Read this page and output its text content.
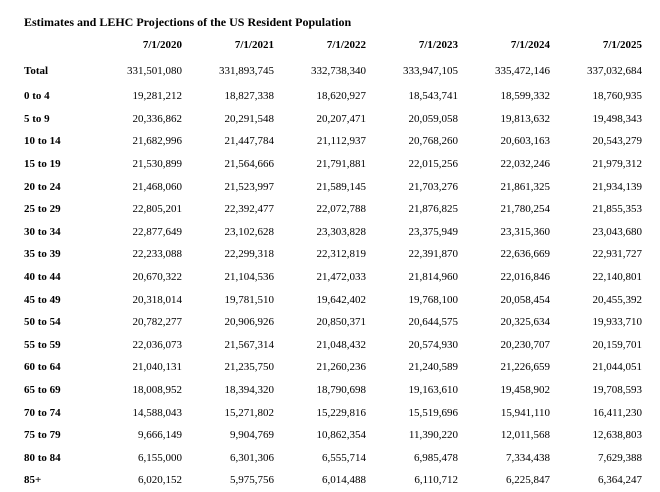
Estimates and LEHC Projections of the US Resident Population
	7/1/2020	7/1/2021	7/1/2022	7/1/2023	7/1/2024	7/1/2025
Total	331,501,080	331,893,745	332,738,340	333,947,105	335,472,146	337,032,684
0 to 4	19,281,212	18,827,338	18,620,927	18,543,741	18,599,332	18,760,935
5 to 9	20,336,862	20,291,548	20,207,471	20,059,058	19,813,632	19,498,343
10 to 14	21,682,996	21,447,784	21,112,937	20,768,260	20,603,163	20,543,279
15 to 19	21,530,899	21,564,666	21,791,881	22,015,256	22,032,246	21,979,312
20 to 24	21,468,060	21,523,997	21,589,145	21,703,276	21,861,325	21,934,139
25 to 29	22,805,201	22,392,477	22,072,788	21,876,825	21,780,254	21,855,353
30 to 34	22,877,649	23,102,628	23,303,828	23,375,949	23,315,360	23,043,680
35 to 39	22,233,088	22,299,318	22,312,819	22,391,870	22,636,669	22,931,727
40 to 44	20,670,322	21,104,536	21,472,033	21,814,960	22,016,846	22,140,801
45 to 49	20,318,014	19,781,510	19,642,402	19,768,100	20,058,454	20,455,392
50 to 54	20,782,277	20,906,926	20,850,371	20,644,575	20,325,634	19,933,710
55 to 59	22,036,073	21,567,314	21,048,432	20,574,930	20,230,707	20,159,701
60 to 64	21,040,131	21,235,750	21,260,236	21,240,589	21,226,659	21,044,051
65 to 69	18,008,952	18,394,320	18,790,698	19,163,610	19,458,902	19,708,593
70 to 74	14,588,043	15,271,802	15,229,816	15,519,696	15,941,110	16,411,230
75 to 79	9,666,149	9,904,769	10,862,354	11,390,220	12,011,568	12,638,803
80 to 84	6,155,000	6,301,306	6,555,714	6,985,478	7,334,438	7,629,388
85+	6,020,152	5,975,756	6,014,488	6,110,712	6,225,847	6,364,247
